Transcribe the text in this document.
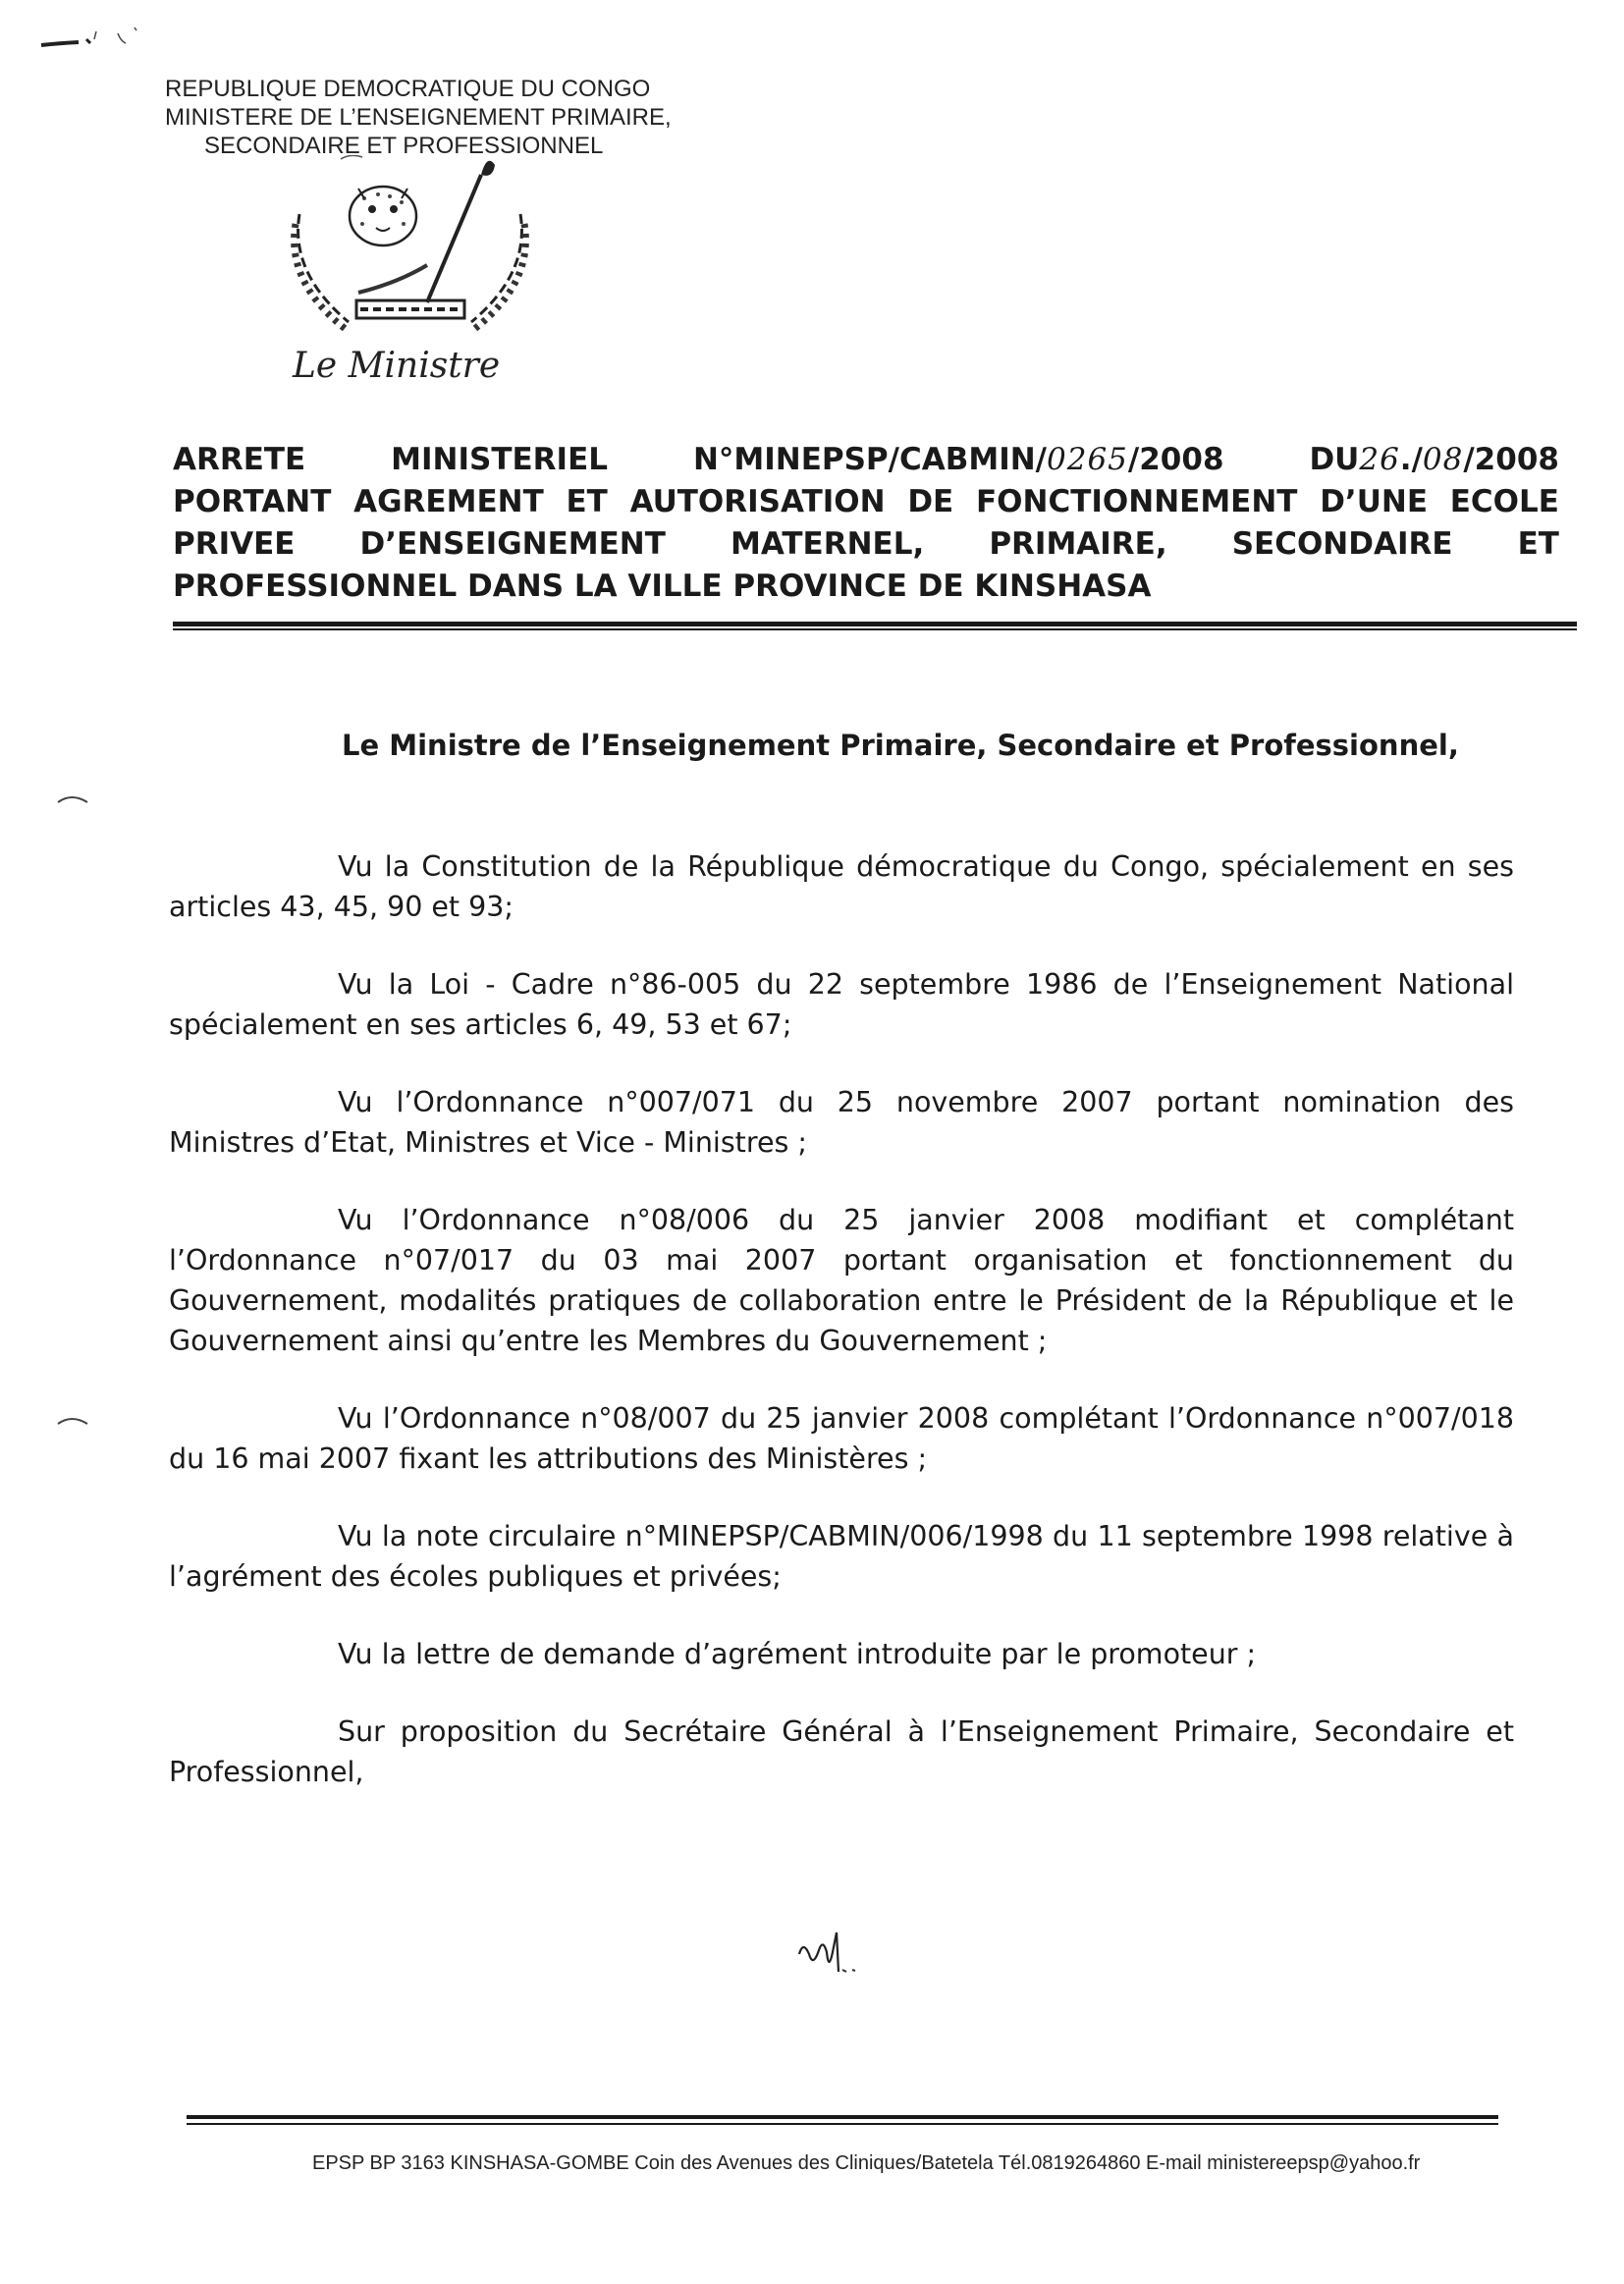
REPUBLIQUE DEMOCRATIQUE DU CONGO
MINISTERE DE L’ENSEIGNEMENT PRIMAIRE,
SECONDAIRE ET PROFESSIONNEL
Le Ministre
ARRETE	MINISTERIEL	N°MINEPSP/CABMIN/0265/2008	DU26./08/2008
PORTANT AGREMENT ET AUTORISATION DE FONCTIONNEMENT D’UNE ECOLE
PRIVEE D’ENSEIGNEMENT MATERNEL, PRIMAIRE, SECONDAIRE ET
PROFESSIONNEL DANS LA VILLE PROVINCE DE KINSHASA
Le Ministre de l’Enseignement Primaire, Secondaire et Professionnel,

Vu la Constitution de la République démocratique du Congo, spécialement en ses articles 43, 45, 90 et 93;

Vu la Loi - Cadre n°86-005 du 22 septembre 1986 de l’Enseignement National spécialement en ses articles 6, 49, 53 et 67;

Vu l’Ordonnance n°007/071 du 25 novembre 2007 portant nomination des Ministres d’Etat, Ministres et Vice - Ministres ;

Vu l’Ordonnance n°08/006 du 25 janvier 2008 modifiant et complétant l’Ordonnance n°07/017 du 03 mai 2007 portant organisation et fonctionnement du Gouvernement, modalités pratiques de collaboration entre le Président de la République et le Gouvernement ainsi qu’entre les Membres du Gouvernement ;

Vu l’Ordonnance n°08/007 du 25 janvier 2008 complétant l’Ordonnance n°007/018 du 16 mai 2007 fixant les attributions des Ministères ;

Vu la note circulaire n°MINEPSP/CABMIN/006/1998 du 11 septembre 1998 relative à l’agrément des écoles publiques et privées;

Vu la lettre de demande d’agrément introduite par le promoteur ;

Sur proposition du Secrétaire Général à l’Enseignement Primaire, Secondaire et Professionnel,

EPSP BP 3163 KINSHASA-GOMBE Coin des Avenues des Cliniques/Batetela Tél.0819264860 E-mail ministereepsp@yahoo.fr
